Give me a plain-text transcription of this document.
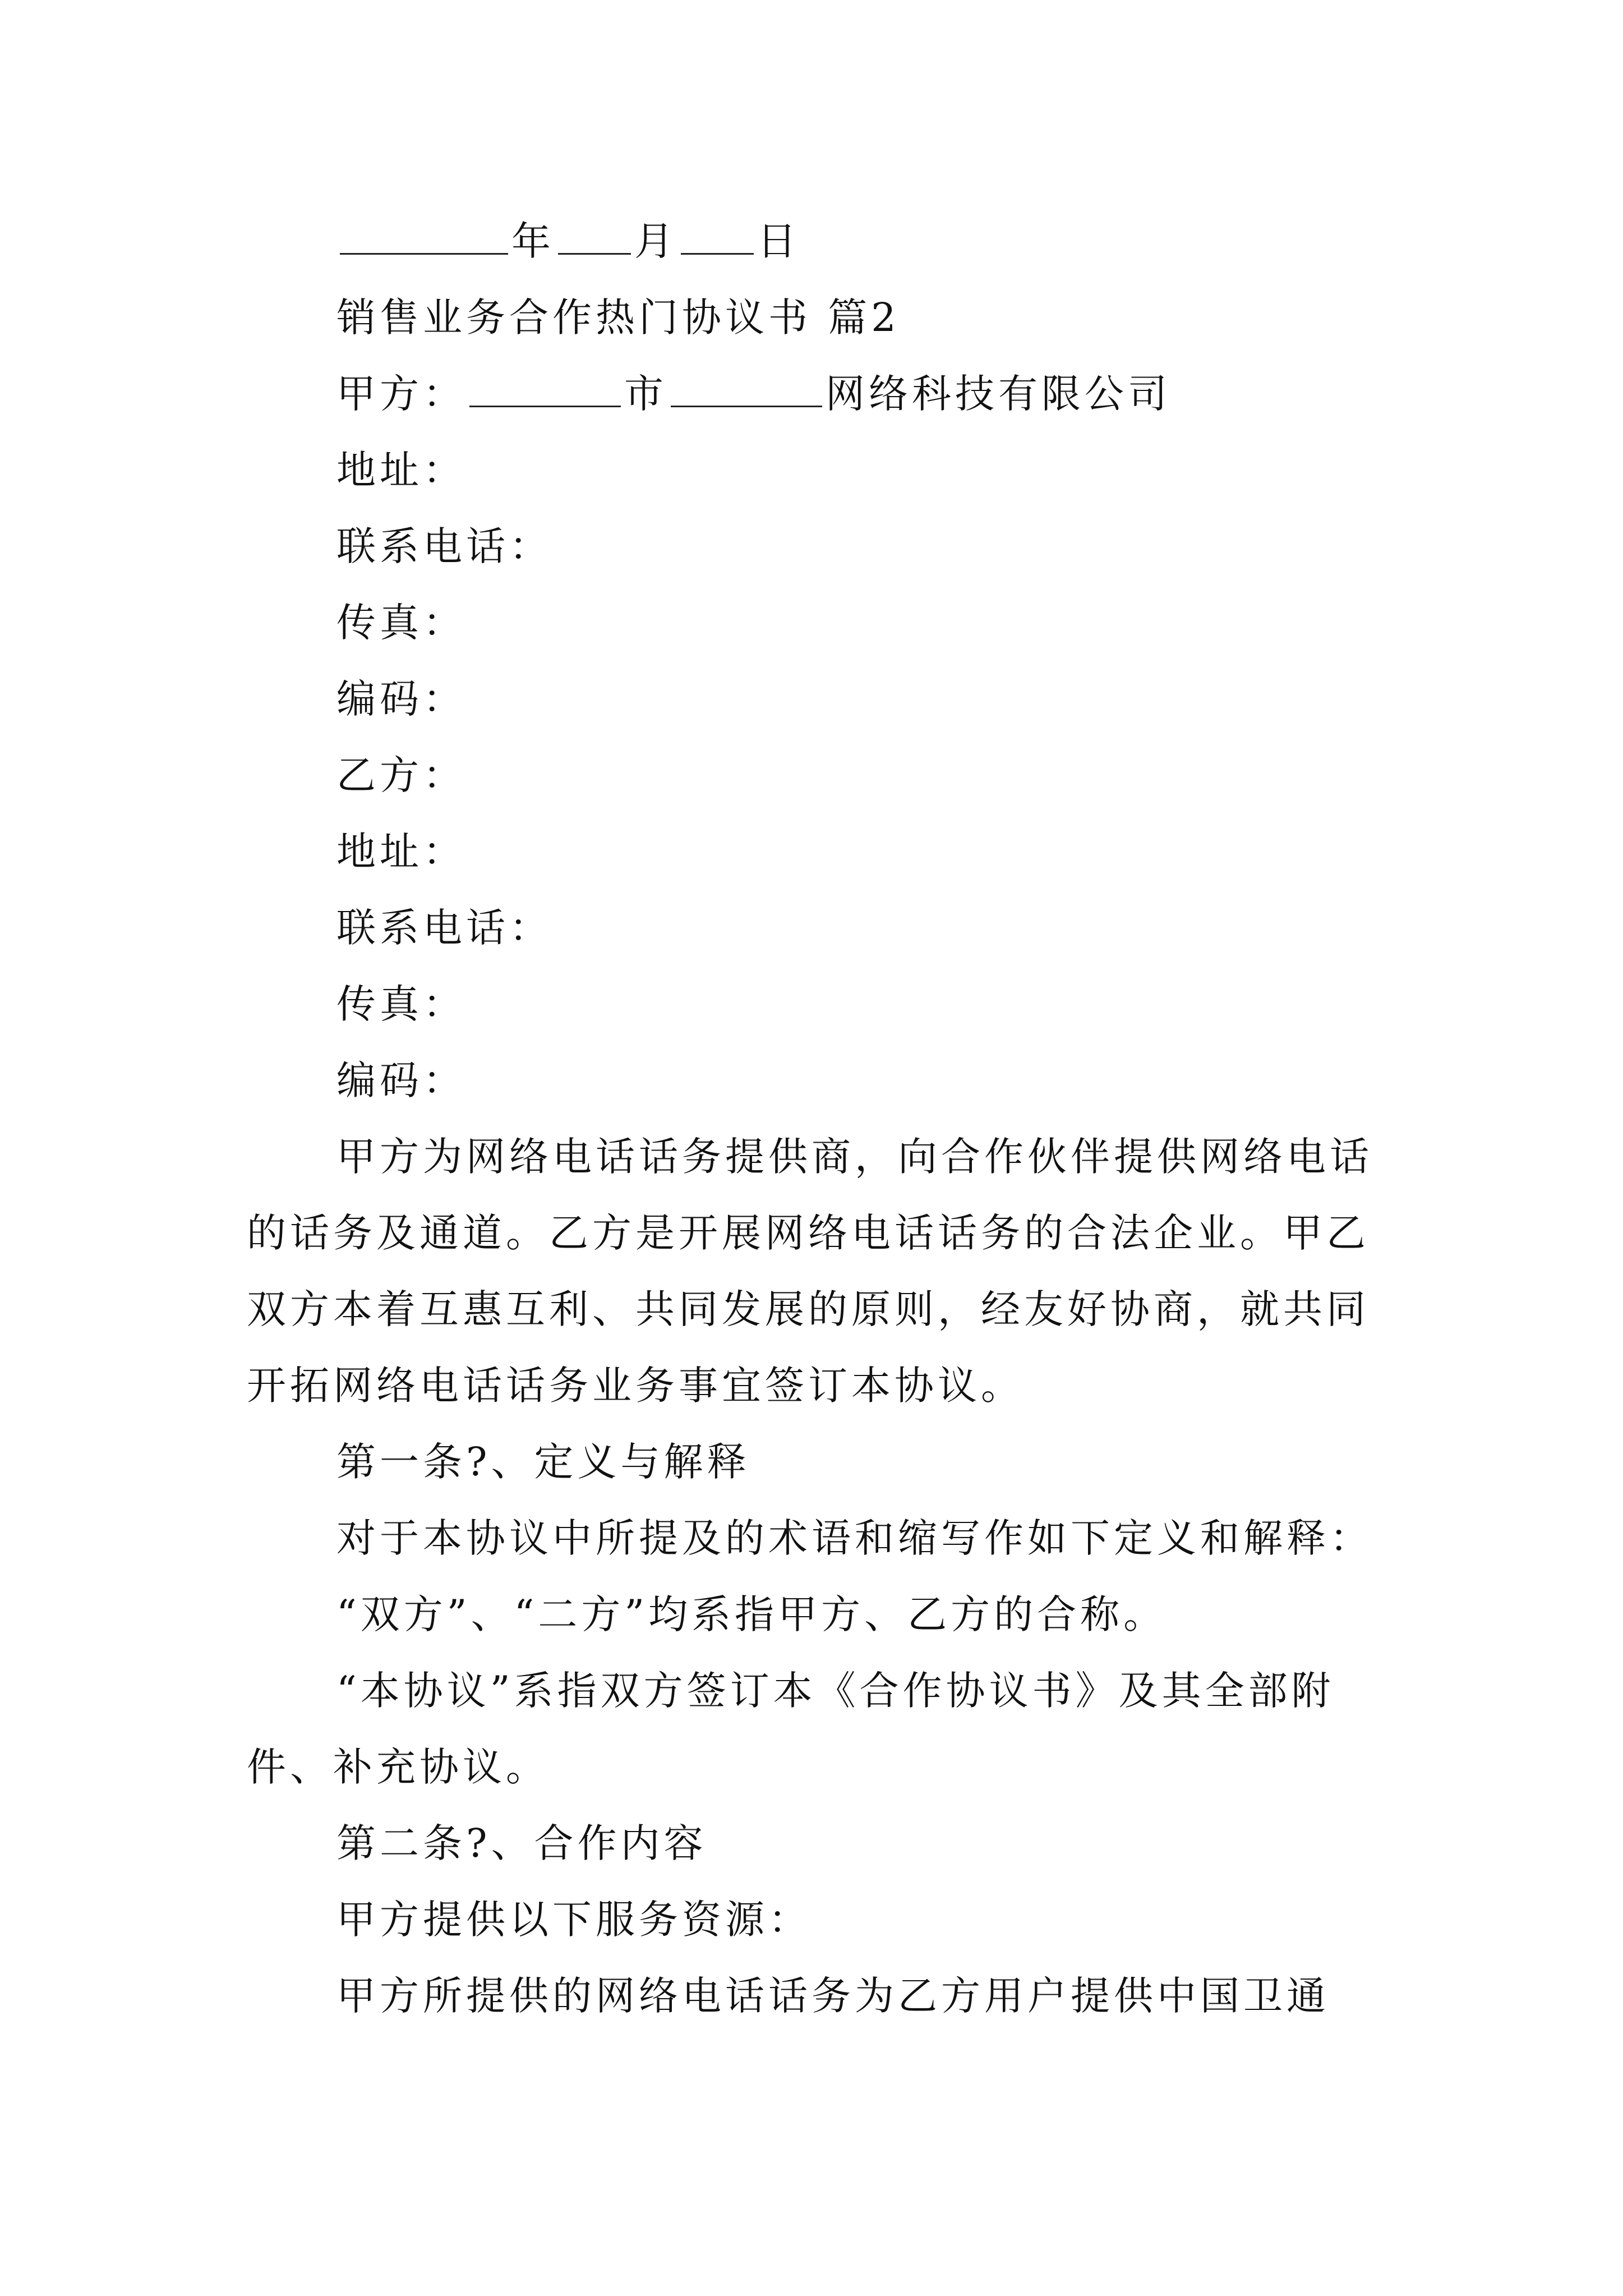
年 月 日
销售业务合作热门协议书 篇2
甲方：	市	网络科技有限公司
地址：
联系电话：
传真：
编码：
乙方：
地址：
联系电话：
传真：
编码：
甲方为网络电话话务提供商，向合作伙伴提供网络电话
的话务及通道。乙方是开展网络电话话务的合法企业。甲乙
双方本着互惠互利、共同发展的原则，经友好协商，就共同
开拓网络电话话务业务事宜签订本协议。
第一条?、定义与解释
对于本协议中所提及的术语和缩写作如下定义和解释：
“双方”、“二方”均系指甲方、乙方的合称。
“本协议”系指双方签订本《合作协议书》及其全部附
件、补充协议。
第二条?、合作内容
甲方提供以下服务资源：
甲方所提供的网络电话话务为乙方用户提供中国卫通
